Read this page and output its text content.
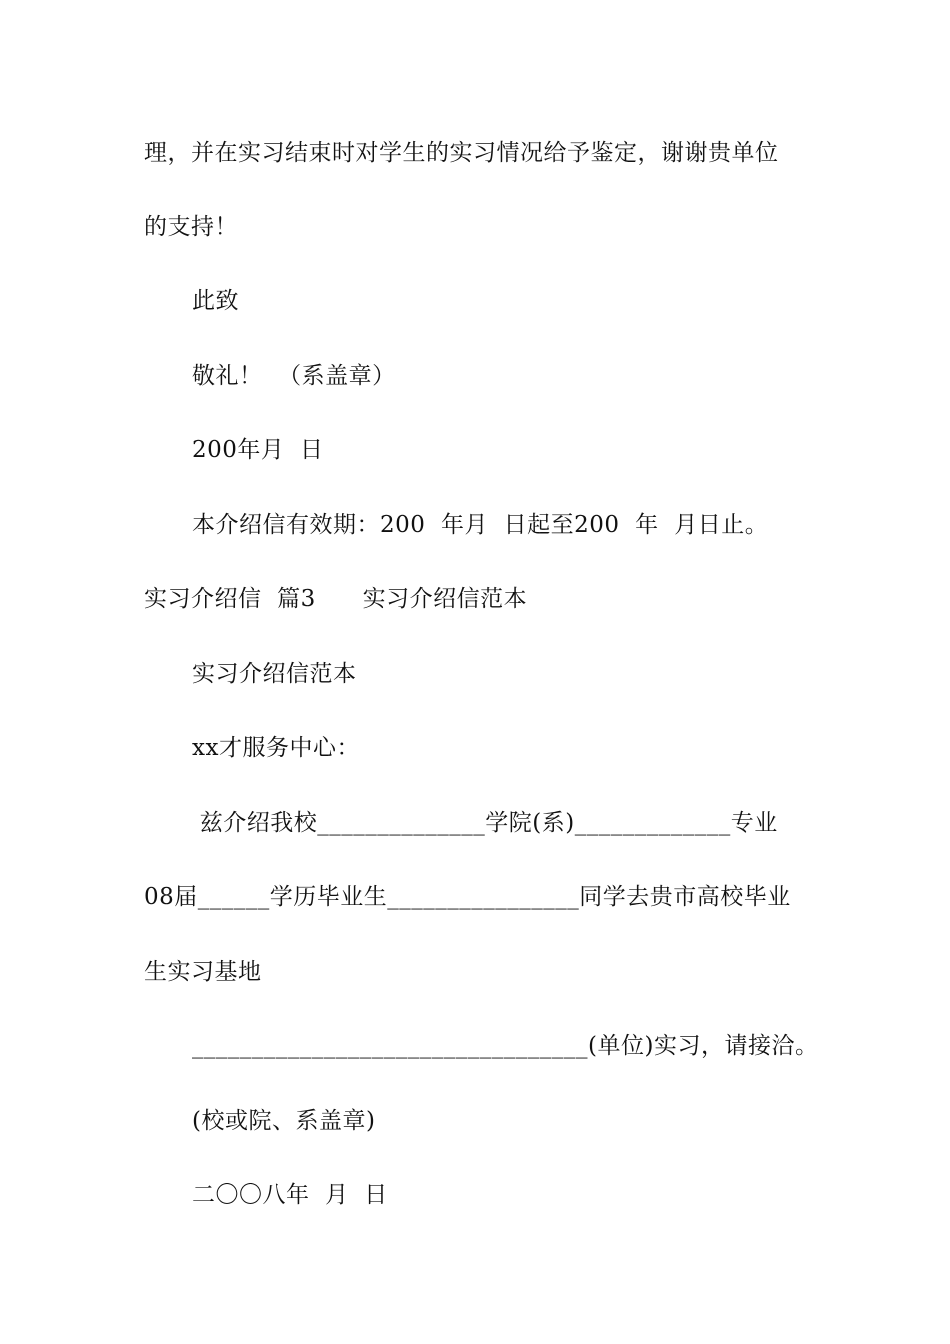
理，并在实习结束时对学生的实习情况给予鉴定，谢谢贵单位
的支持！
此致
敬礼！  （系盖章）
200年月  日
本介绍信有效期：200  年月  日起至200  年  月日止。
实习介绍信  篇3      实习介绍信范本
实习介绍信范本
xx才服务中心：
兹介绍我校______________学院(系)_____________专业
08届______学历毕业生________________同学去贵市高校毕业
生实习基地
_________________________________(单位)实习，请接洽。
(校或院、系盖章)
二〇〇八年  月  日
